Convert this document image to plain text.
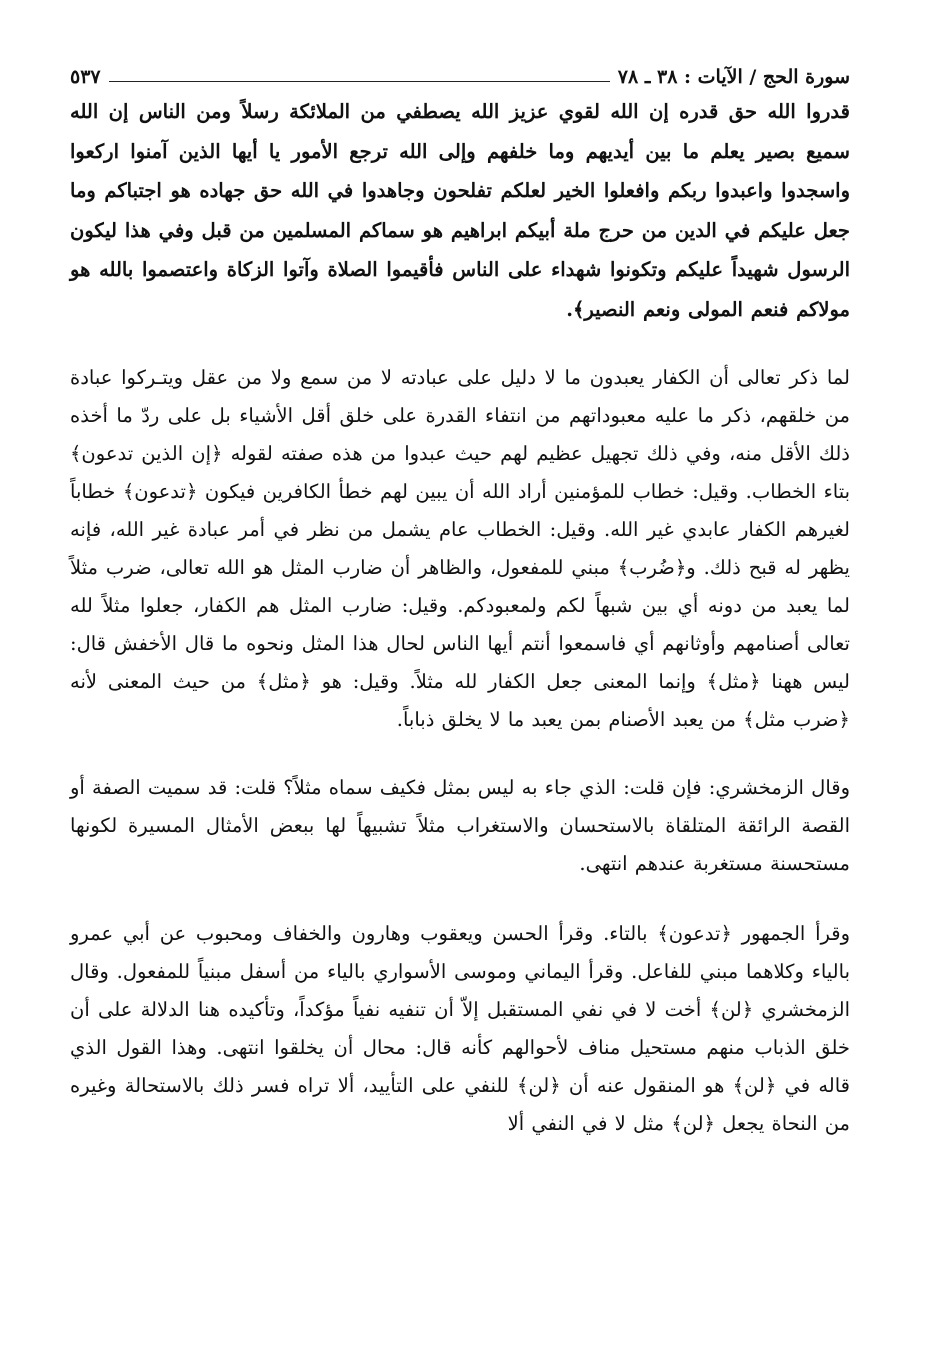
سورة الحج / الآيات : ٣٨ ـ ٧٨
٥٣٧

قدروا الله حق قدره إن الله لقوي عزيز الله يصطفي من الملائكة رسلاً ومن الناس إن الله سميع بصير يعلم ما بين أيديهم وما خلفهم وإلى الله ترجع الأمور يا أيها الذين آمنوا اركعوا واسجدوا واعبدوا ربكم وافعلوا الخير لعلكم تفلحون وجاهدوا في الله حق جهاده هو اجتباكم وما جعل عليكم في الدين من حرج ملة أبيكم ابراهيم هو سماكم المسلمين من قبل وفي هذا ليكون الرسول شهيداً عليكم وتكونوا شهداء على الناس فأقيموا الصلاة وآتوا الزكاة واعتصموا بالله هو مولاكم فنعم المولى ونعم النصير﴾.

لما ذكر تعالى أن الكفار يعبدون ما لا دليل على عبادته لا من سمع ولا من عقل ويتـركوا عبادة من خلقهم، ذكر ما عليه معبوداتهم من انتفاء القدرة على خلق أقل الأشياء بل على ردّ ما أخذه ذلك الأقل منه، وفي ذلك تجهيل عظيم لهم حيث عبدوا من هذه صفته لقوله ﴿إن الذين تدعون﴾ بتاء الخطاب. وقيل: خطاب للمؤمنين أراد الله أن يبين لهم خطأ الكافرين فيكون ﴿تدعون﴾ خطاباً لغيرهم الكفار عابدي غير الله. وقيل: الخطاب عام يشمل من نظر في أمر عبادة غير الله، فإنه يظهر له قبح ذلك. و﴿ضُرب﴾ مبني للمفعول، والظاهر أن ضارب المثل هو الله تعالى، ضرب مثلاً لما يعبد من دونه أي بين شبهاً لكم ولمعبودكم. وقيل: ضارب المثل هم الكفار، جعلوا مثلاً لله تعالى أصنامهم وأوثانهم أي فاسمعوا أنتم أيها الناس لحال هذا المثل ونحوه ما قال الأخفش قال: ليس ههنا ﴿مثل﴾ وإنما المعنى جعل الكفار لله مثلاً. وقيل: هو ﴿مثل﴾ من حيث المعنى لأنه ﴿ضرب مثل﴾ من يعبد الأصنام بمن يعبد ما لا يخلق ذباباً.

وقال الزمخشري: فإن قلت: الذي جاء به ليس بمثل فكيف سماه مثلاً؟ قلت: قد سميت الصفة أو القصة الرائقة المتلقاة بالاستحسان والاستغراب مثلاً تشبيهاً لها ببعض الأمثال المسيرة لكونها مستحسنة مستغربة عندهم انتهى.

وقرأ الجمهور ﴿تدعون﴾ بالتاء. وقرأ الحسن ويعقوب وهارون والخفاف ومحبوب عن أبي عمرو بالياء وكلاهما مبني للفاعل. وقرأ اليماني وموسى الأسواري بالياء من أسفل مبنياً للمفعول. وقال الزمخشري ﴿لن﴾ أخت لا في نفي المستقبل إلاّ أن تنفيه نفياً مؤكداً، وتأكيده هنا الدلالة على أن خلق الذباب منهم مستحيل مناف لأحوالهم كأنه قال: محال أن يخلقوا انتهى. وهذا القول الذي قاله في ﴿لن﴾ هو المنقول عنه أن ﴿لن﴾ للنفي على التأييد، ألا تراه فسر ذلك بالاستحالة وغيره من النحاة يجعل ﴿لن﴾ مثل لا في النفي ألا
